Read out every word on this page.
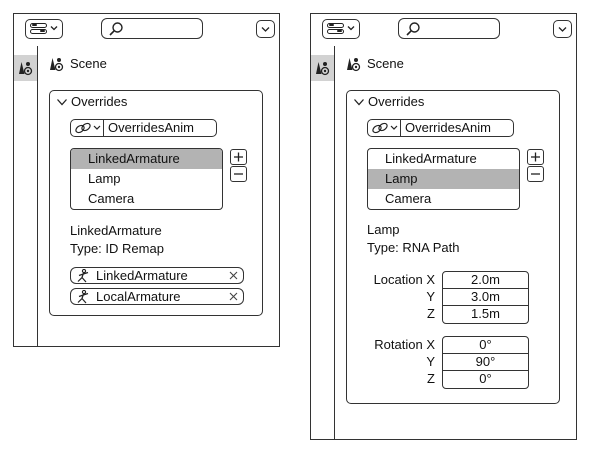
Scene
Overrides
OverridesAnim
LinkedArmature
Lamp
Camera
LinkedArmature
Type: ID Remap
LinkedArmature
LocalArmature
Scene
Overrides
OverridesAnim
LinkedArmature
Lamp
Camera
Lamp
Type: RNA Path
Location X
Y
Z
2.0m
3.0m
1.5m
Rotation X
Y
Z
0°
90°
0°
